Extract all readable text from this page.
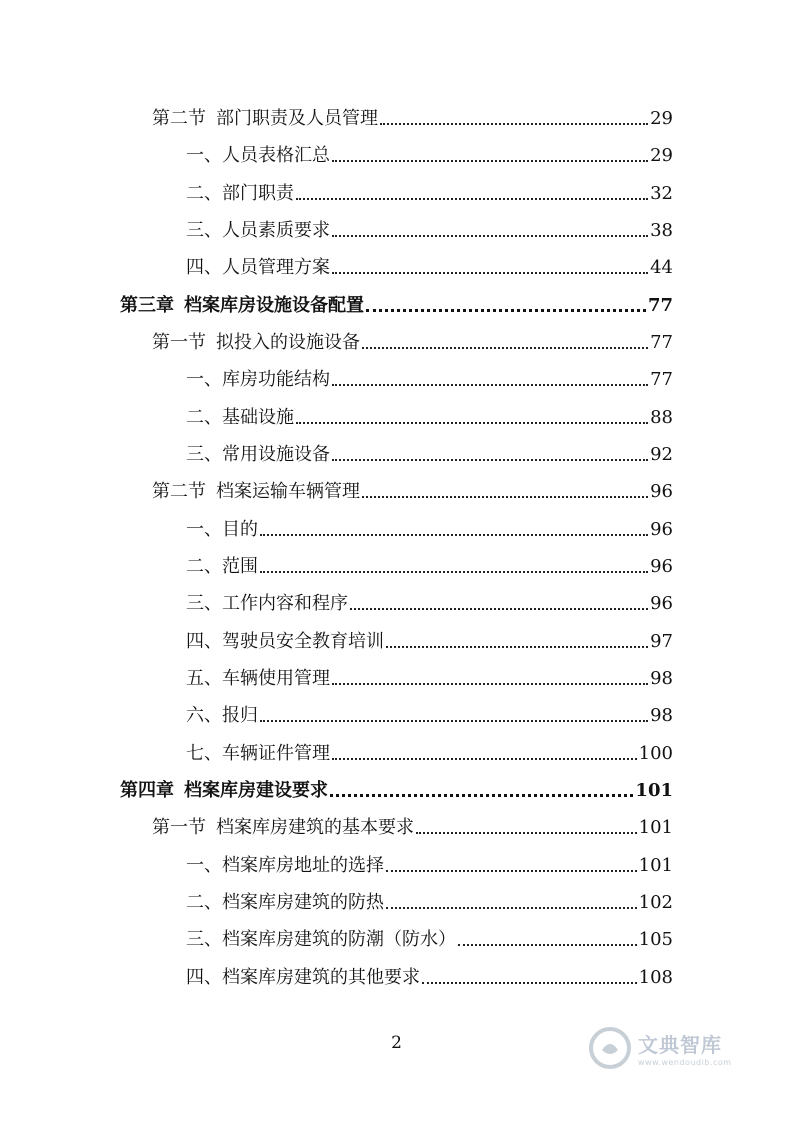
第二节 部门职责及人员管理	29
一、 人员表格汇总	29
二、 部门职责	32
三、 人员素质要求	38
四、 人员管理方案	44
第三章 档案库房设施设备配置	77
第一节 拟投入的设施设备	77
一、 库房功能结构	77
二、 基础设施	88
三、 常用设施设备	92
第二节 档案运输车辆管理	96
一、 目的	96
二、 范围	96
三、 工作内容和程序	96
四、 驾驶员安全教育培训	97
五、 车辆使用管理	98
六、 报归	98
七、 车辆证件管理	100
第四章 档案库房建设要求	101
第一节 档案库房建筑的基本要求	101
一、 档案库房地址的选择	101
二、 档案库房建筑的防热	102
三、 档案库房建筑的防潮（防水）	105
四、 档案库房建筑的其他要求	108
2	文典智库
www.wendoudib.com
